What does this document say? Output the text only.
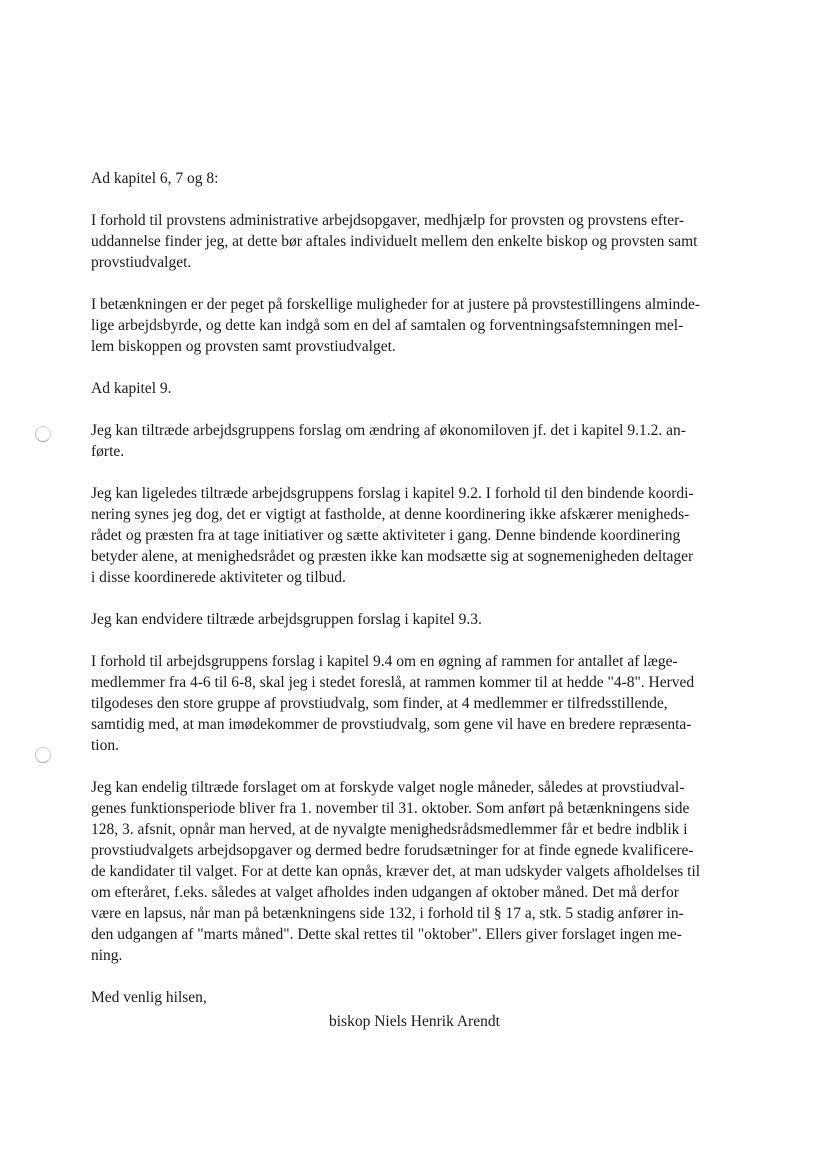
Ad kapitel 6, 7 og 8:

I forhold til provstens administrative arbejdsopgaver, medhjælp for provsten og provstens efter-
uddannelse finder jeg, at dette bør aftales individuelt mellem den enkelte biskop og provsten samt
provstiudvalget.

I betænkningen er der peget på forskellige muligheder for at justere på provstestillingens alminde-
lige arbejdsbyrde, og dette kan indgå som en del af samtalen og forventningsafstemningen mel-
lem biskoppen og provsten samt provstiudvalget.

Ad kapitel 9.

Jeg kan tiltræde arbejdsgruppens forslag om ændring af økonomiloven jf. det i kapitel 9.1.2. an-
førte.

Jeg kan ligeledes tiltræde arbejdsgruppens forslag i kapitel 9.2. I forhold til den bindende koordi-
nering synes jeg dog, det er vigtigt at fastholde, at denne koordinering ikke afskærer menigheds-
rådet og præsten fra at tage initiativer og sætte aktiviteter i gang. Denne bindende koordinering
betyder alene, at menighedsrådet og præsten ikke kan modsætte sig at sognemenigheden deltager
i disse koordinerede aktiviteter og tilbud.

Jeg kan endvidere tiltræde arbejdsgruppen forslag i kapitel 9.3.

I forhold til arbejdsgruppens forslag i kapitel 9.4 om en øgning af rammen for antallet af læge-
medlemmer fra 4-6 til 6-8, skal jeg i stedet foreslå, at rammen kommer til at hedde "4-8". Herved
tilgodeses den store gruppe af provstiudvalg, som finder, at 4 medlemmer er tilfredsstillende,
samtidig med, at man imødekommer de provstiudvalg, som gene vil have en bredere repræsenta-
tion.

Jeg kan endelig tiltræde forslaget om at forskyde valget nogle måneder, således at provstiudval-
genes funktionsperiode bliver fra 1. november til 31. oktober. Som anført på betænkningens side
128, 3. afsnit, opnår man herved, at de nyvalgte menighedsrådsmedlemmer får et bedre indblik i
provstiudvalgets arbejdsopgaver og dermed bedre forudsætninger for at finde egnede kvalificere-
de kandidater til valget. For at dette kan opnås, kræver det, at man udskyder valgets afholdelses til
om efteråret, f.eks. således at valget afholdes inden udgangen af oktober måned. Det må derfor
være en lapsus, når man på betænkningens side 132, i forhold til § 17 a, stk. 5 stadig anfører in-
den udgangen af "marts måned". Dette skal rettes til "oktober". Ellers giver forslaget ingen me-
ning.

Med venlig hilsen,

biskop Niels Henrik Arendt
